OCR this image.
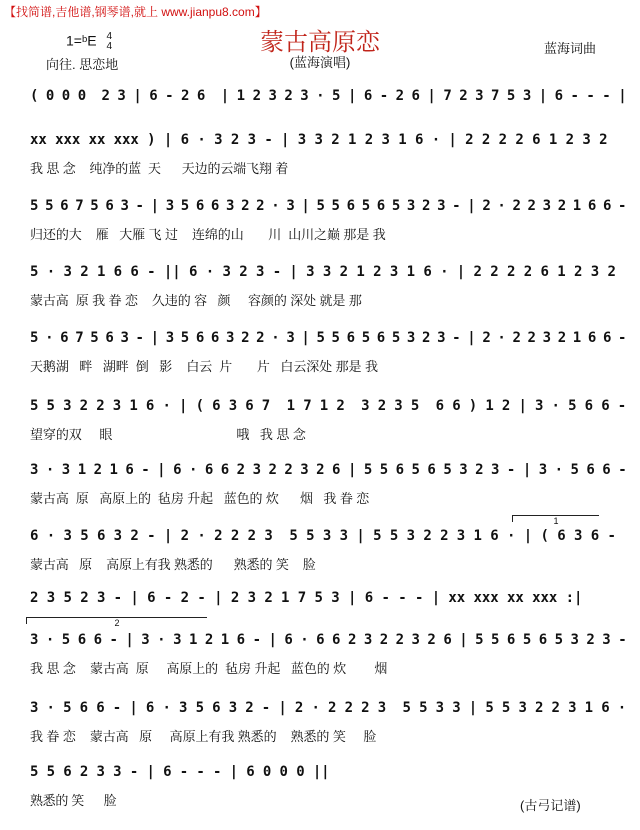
【找简谱,吉他谱,钢琴谱,就上 www.jianpu8.com】
蒙古高原恋
1=ᵇE 4
4	蓝海词曲
向往. 思恋地	(蓝海演唱)
1
2
( 0 0 0  2 3 | 6 - 2 6  | 1 2 3 2 3 · 5 | 6 - 2 6 | 7 2 3 7 5 3 | 6 - - - |
xx xxx xx xxx ) | 6 · 3 2 3 - | 3 3 2 1 2 3 1 6 · | 2 2 2 2 6 1 2 3 2
我 思 念    纯净的蓝  天      天边的云端飞翔 着
5 5 6 7 5 6 3 - | 3 5 6 6 3 2 2 · 3 | 5 5 6 5 6 5 3 2 3 - | 2 · 2 2 3 2 1 6 6 -
归还的大    雁   大雁 飞 过    连绵的山       川  山川之巅 那是 我
5 · 3 2 1 6 6 - || 6 · 3 2 3 - | 3 3 2 1 2 3 1 6 · | 2 2 2 2 6 1 2 3 2
蒙古高  原 我 眷 恋    久违的 容   颜     容颜的 深处 就是 那
5 · 6 7 5 6 3 - | 3 5 6 6 3 2 2 · 3 | 5 5 6 5 6 5 3 2 3 - | 2 · 2 2 3 2 1 6 6 -
天鹅湖   畔   湖畔  倒   影    白云  片       片   白云深处 那是 我
5 5 3 2 2 3 1 6 · | ( 6 3 6 7  1 7 1 2  3 2 3 5  6 6 ) 1 2 | 3 · 5 6 6 -
望穿的双     眼                                   哦   我 思 念
3 · 3 1 2 1 6 - | 6 · 6 6 2 3 2 2 3 2 6 | 5 5 6 5 6 5 3 2 3 - | 3 · 5 6 6 -
蒙古高  原   高原上的  毡房 升起   蓝色的 炊      烟   我 眷 恋
6 · 3 5 6 3 2 - | 2 · 2 2 2 3  5 5 3 3 | 5 5 3 2 2 3 1 6 · | ( 6 3 6 -
蒙古高   原    高原上有我 熟悉的      熟悉的 笑    脸
2 3 5 2 3 - | 6 - 2 - | 2 3 2 1 7 5 3 | 6 - - - | xx xxx xx xxx :|
3 · 5 6 6 - | 3 · 3 1 2 1 6 - | 6 · 6 6 2 3 2 2 3 2 6 | 5 5 6 5 6 5 3 2 3 -
我 思 念    蒙古高  原     高原上的  毡房 升起   蓝色的 炊        烟
3 · 5 6 6 - | 6 · 3 5 6 3 2 - | 2 · 2 2 2 3  5 5 3 3 | 5 5 3 2 2 3 1 6 ·
我 眷 恋    蒙古高   原     高原上有我 熟悉的    熟悉的 笑     脸
5 5 6 2 3 3 - | 6 - - - | 6 0 0 0 ||
熟悉的 笑      脸	(古弓记谱)
